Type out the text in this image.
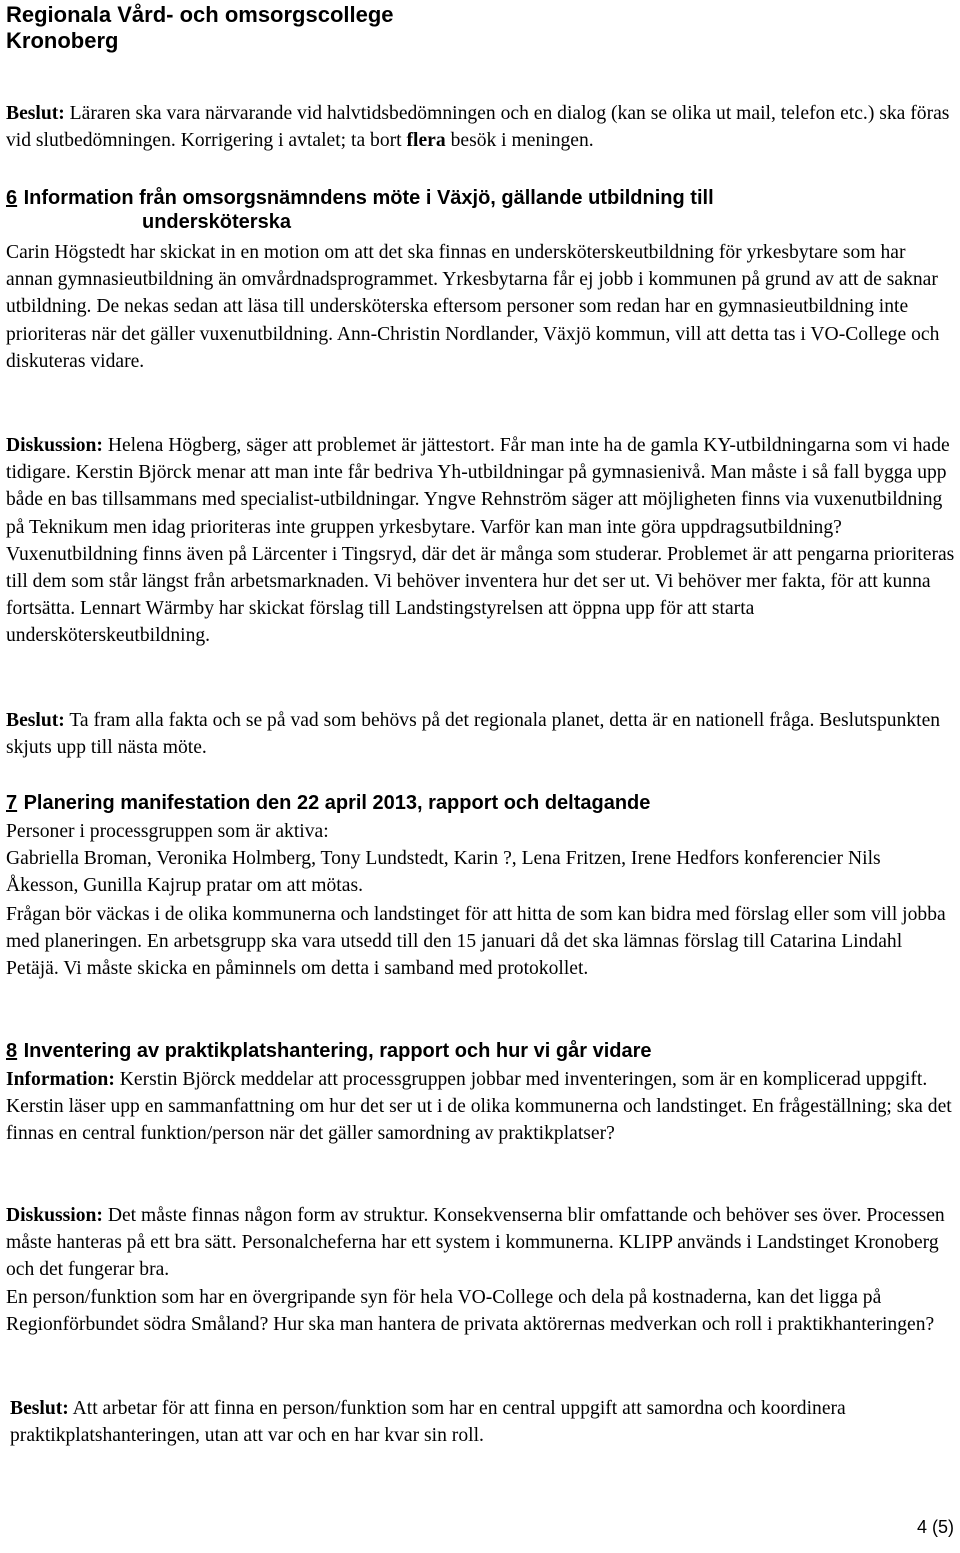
Regionala Vård- och omsorgscollege
Kronoberg

Beslut: Läraren ska vara närvarande vid halvtidsbedömningen och en dialog (kan se olika ut mail, telefon etc.) ska föras vid slutbedömningen. Korrigering i avtalet; ta bort flera besök i meningen.

6 Information från omsorgsnämndens möte i Växjö, gällande utbildning till
undersköterska

Carin Högstedt har skickat in en motion om att det ska finnas en undersköterskeutbildning för yrkesbytare som har annan gymnasieutbildning än omvårdnadsprogrammet. Yrkesbytarna får ej jobb i kommunen på grund av att de saknar utbildning. De nekas sedan att läsa till undersköterska eftersom personer som redan har en gymnasieutbildning inte prioriteras när det gäller vuxenutbildning. Ann-Christin Nordlander, Växjö kommun, vill att detta tas i VO-College och diskuteras vidare.

Diskussion: Helena Högberg, säger att problemet är jättestort. Får man inte ha de gamla KY-utbildningarna som vi hade tidigare. Kerstin Björck menar att man inte får bedriva Yh-utbildningar på gymnasienivå. Man måste i så fall bygga upp både en bas tillsammans med specialist-utbildningar. Yngve Rehnström säger att möjligheten finns via vuxenutbildning på Teknikum men idag prioriteras inte gruppen yrkesbytare. Varför kan man inte göra uppdragsutbildning? Vuxenutbildning finns även på Lärcenter i Tingsryd, där det är många som studerar. Problemet är att pengarna prioriteras till dem som står längst från arbetsmarknaden. Vi behöver inventera hur det ser ut. Vi behöver mer fakta, för att kunna fortsätta. Lennart Wärmby har skickat förslag till Landstingstyrelsen att öppna upp för att starta undersköterskeutbildning.

Beslut: Ta fram alla fakta och se på vad som behövs på det regionala planet, detta är en nationell fråga. Beslutspunkten skjuts upp till nästa möte.

7 Planering manifestation den 22 april 2013, rapport och deltagande

Personer i processgruppen som är aktiva:

Gabriella Broman, Veronika Holmberg, Tony Lundstedt, Karin ?, Lena Fritzen, Irene Hedfors konferencier Nils Åkesson, Gunilla Kajrup pratar om att mötas.

Frågan bör väckas i de olika kommunerna och landstinget för att hitta de som kan bidra med förslag eller som vill jobba med planeringen. En arbetsgrupp ska vara utsedd till den 15 januari då det ska lämnas förslag till Catarina Lindahl Petäjä. Vi måste skicka en påminnels om detta i samband med protokollet.

8 Inventering av praktikplatshantering, rapport och hur vi går vidare

Information: Kerstin Björck meddelar att processgruppen jobbar med inventeringen, som är en komplicerad uppgift. Kerstin läser upp en sammanfattning om hur det ser ut i de olika kommunerna och landstinget. En frågeställning; ska det finnas en central funktion/person när det gäller samordning av praktikplatser?

Diskussion: Det måste finnas någon form av struktur. Konsekvenserna blir omfattande och behöver ses över. Processen måste hanteras på ett bra sätt. Personalcheferna har ett system i kommunerna. KLIPP används i Landstinget Kronoberg och det fungerar bra.

En person/funktion som har en övergripande syn för hela VO-College och dela på kostnaderna, kan det ligga på Regionförbundet södra Småland? Hur ska man hantera de privata aktörernas medverkan och roll i praktikhanteringen?

Beslut: Att arbetar för att finna en person/funktion som har en central uppgift att samordna och koordinera praktikplatshanteringen, utan att var och en har kvar sin roll.

4 (5)
